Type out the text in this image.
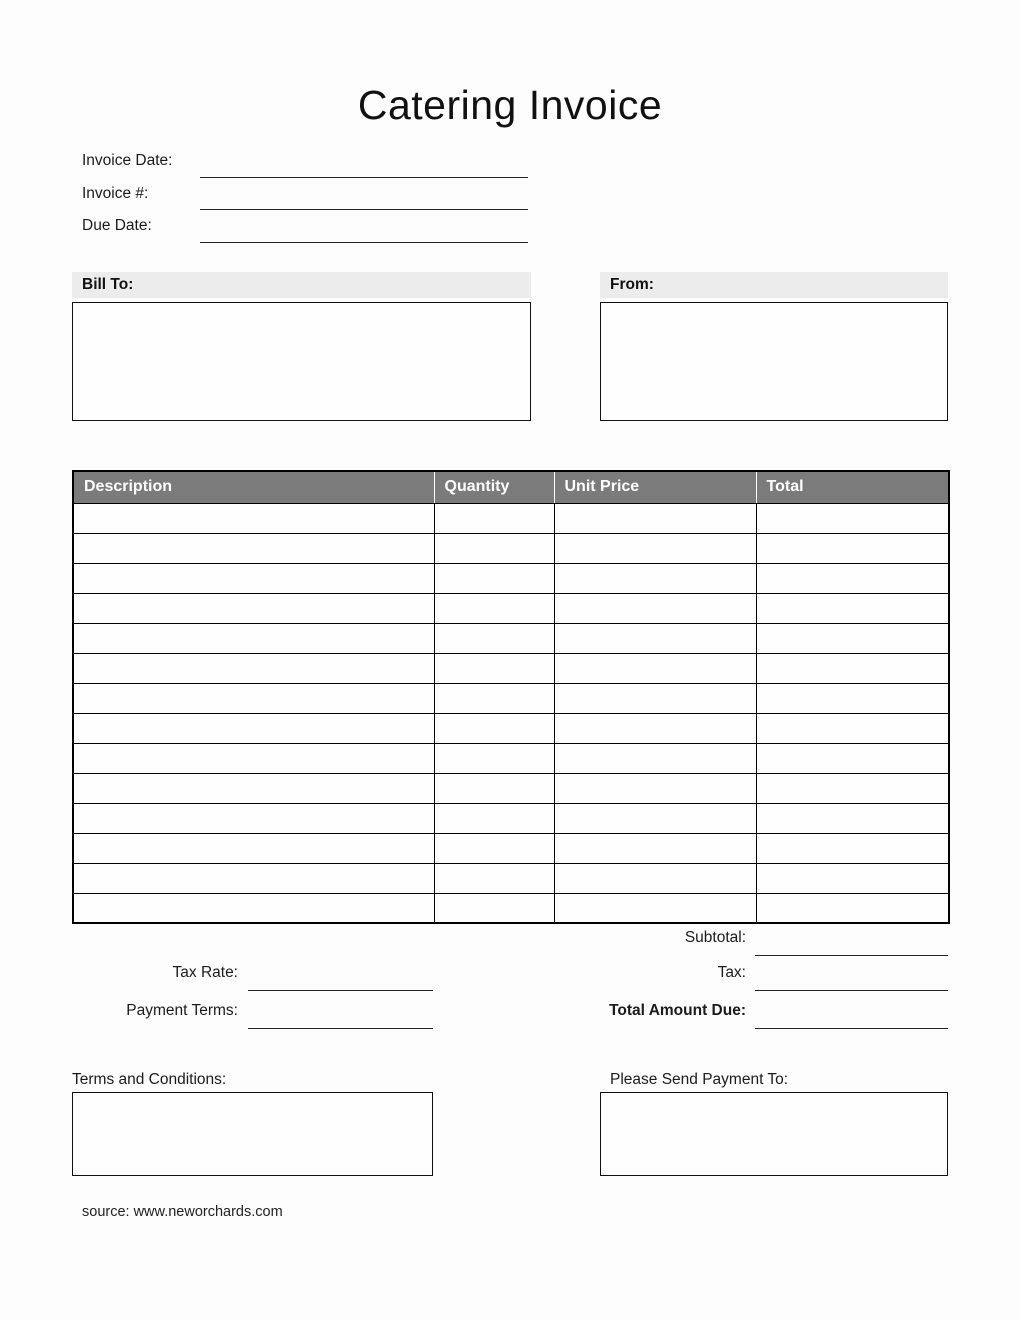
Catering Invoice
Invoice Date:
Invoice #:
Due Date:
Bill To:	From:
Description	Quantity	Unit Price	Total

Subtotal:
Tax Rate:	Tax:
Payment Terms:	Total Amount Due:
Terms and Conditions:	Please Send Payment To:
source: www.neworchards.com
